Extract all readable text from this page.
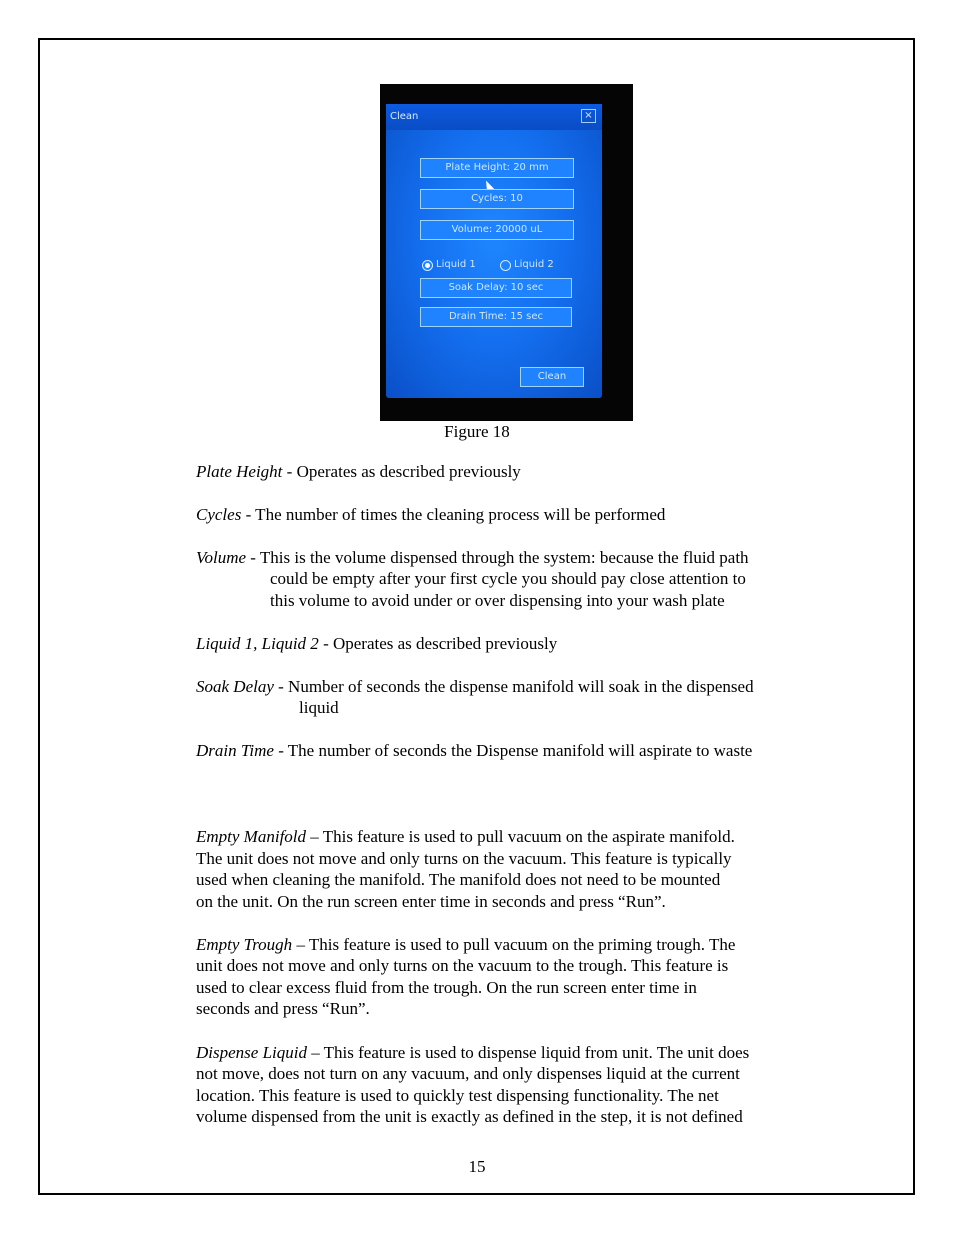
Clean	×
Plate Height: 20 mm
Cycles: 10
Volume: 20000 uL
Liquid 1	Liquid 2
Soak Delay: 10 sec
Drain Time: 15 sec
Clean
Figure 18
Plate Height - Operates as described previously
Cycles - The number of times the cleaning process will be performed
Volume - This is the volume dispensed through the system: because the fluid path
could be empty after your first cycle you should pay close attention to
this volume to avoid under or over dispensing into your wash plate
Liquid 1, Liquid 2 - Operates as described previously
Soak Delay - Number of seconds the dispense manifold will soak in the dispensed
liquid
Drain Time - The number of seconds the Dispense manifold will aspirate to waste
Empty Manifold – This feature is used to pull vacuum on the aspirate manifold.
The unit does not move and only turns on the vacuum. This feature is typically
used when cleaning the manifold. The manifold does not need to be mounted
on the unit. On the run screen enter time in seconds and press “Run”.
Empty Trough – This feature is used to pull vacuum on the priming trough. The
unit does not move and only turns on the vacuum to the trough. This feature is
used to clear excess fluid from the trough. On the run screen enter time in
seconds and press “Run”.
Dispense Liquid – This feature is used to dispense liquid from unit. The unit does
not move, does not turn on any vacuum, and only dispenses liquid at the current
location. This feature is used to quickly test dispensing functionality. The net
volume dispensed from the unit is exactly as defined in the step, it is not defined
15
